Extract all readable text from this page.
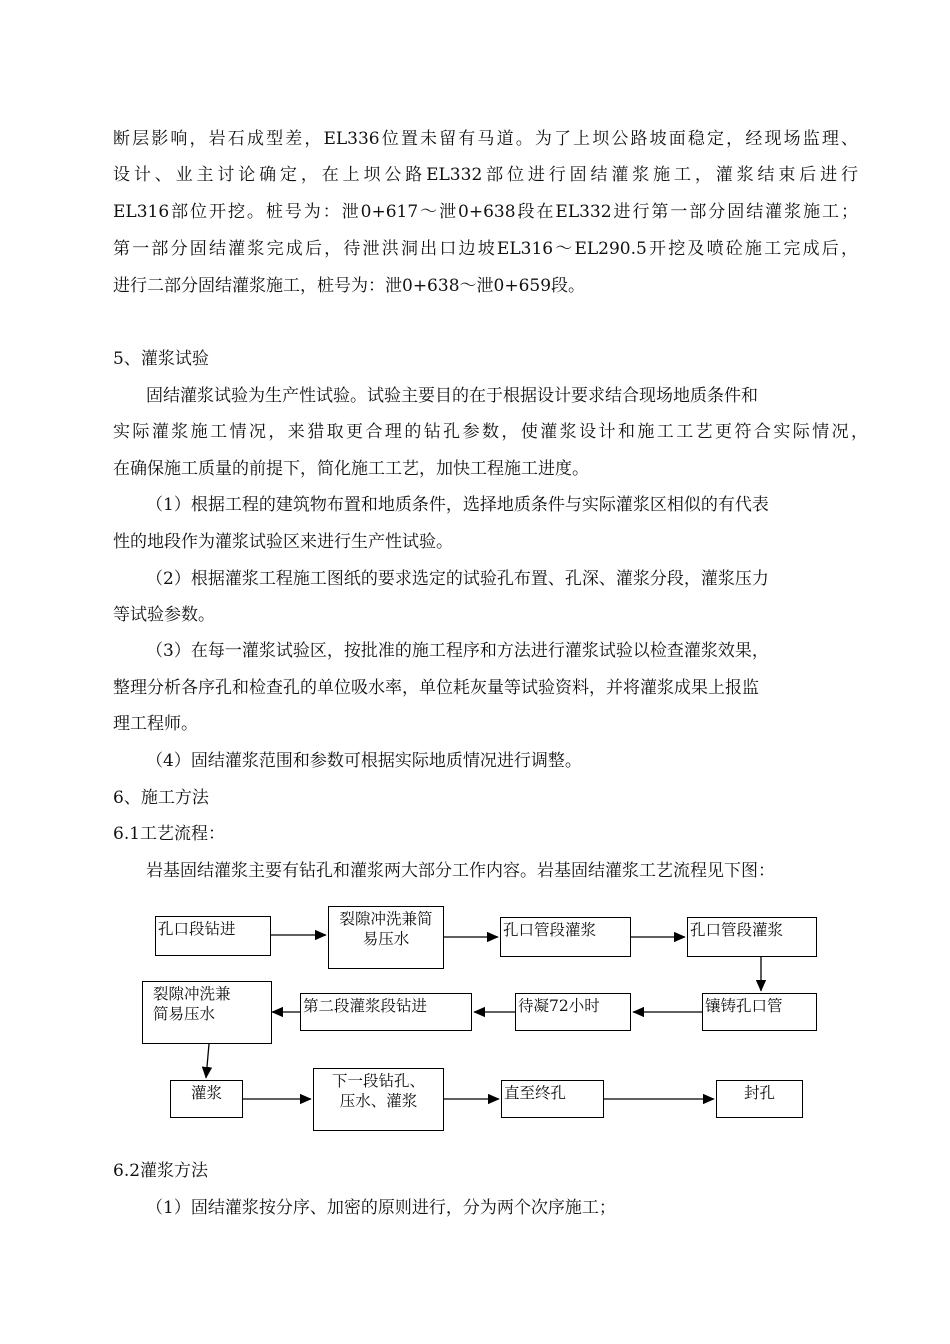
断层影响，岩石成型差，EL336位置未留有马道。为了上坝公路坡面稳定，经现场监理、
设计、业主讨论确定，在上坝公路EL332部位进行固结灌浆施工，灌浆结束后进行
EL316部位开挖。桩号为：泄0+617～泄0+638段在EL332进行第一部分固结灌浆施工；
第一部分固结灌浆完成后，待泄洪洞出口边坡EL316～EL290.5开挖及喷砼施工完成后，
进行二部分固结灌浆施工，桩号为：泄0+638～泄0+659段。
5、灌浆试验
固结灌浆试验为生产性试验。试验主要目的在于根据设计要求结合现场地质条件和
实际灌浆施工情况，来猎取更合理的钻孔参数，使灌浆设计和施工工艺更符合实际情况，
在确保施工质量的前提下，简化施工工艺，加快工程施工进度。
（1）根据工程的建筑物布置和地质条件，选择地质条件与实际灌浆区相似的有代表
性的地段作为灌浆试验区来进行生产性试验。
（2）根据灌浆工程施工图纸的要求选定的试验孔布置、孔深、灌浆分段，灌浆压力
等试验参数。
（3）在每一灌浆试验区，按批准的施工程序和方法进行灌浆试验以检查灌浆效果，
整理分析各序孔和检查孔的单位吸水率，单位耗灰量等试验资料，并将灌浆成果上报监
理工程师。
（4）固结灌浆范围和参数可根据实际地质情况进行调整。
6、施工方法
6.1工艺流程：
岩基固结灌浆主要有钻孔和灌浆两大部分工作内容。岩基固结灌浆工艺流程见下图：
孔口段钻进
裂隙冲洗兼简
易压水	孔口管段灌浆	孔口管段灌浆
镶铸孔口管
待凝72小时
第二段灌浆段钻进
裂隙冲洗兼
简易压水
灌浆
下一段钻孔、
压水、灌浆	直至终孔	封孔
6.2灌浆方法
（1）固结灌浆按分序、加密的原则进行，分为两个次序施工；
